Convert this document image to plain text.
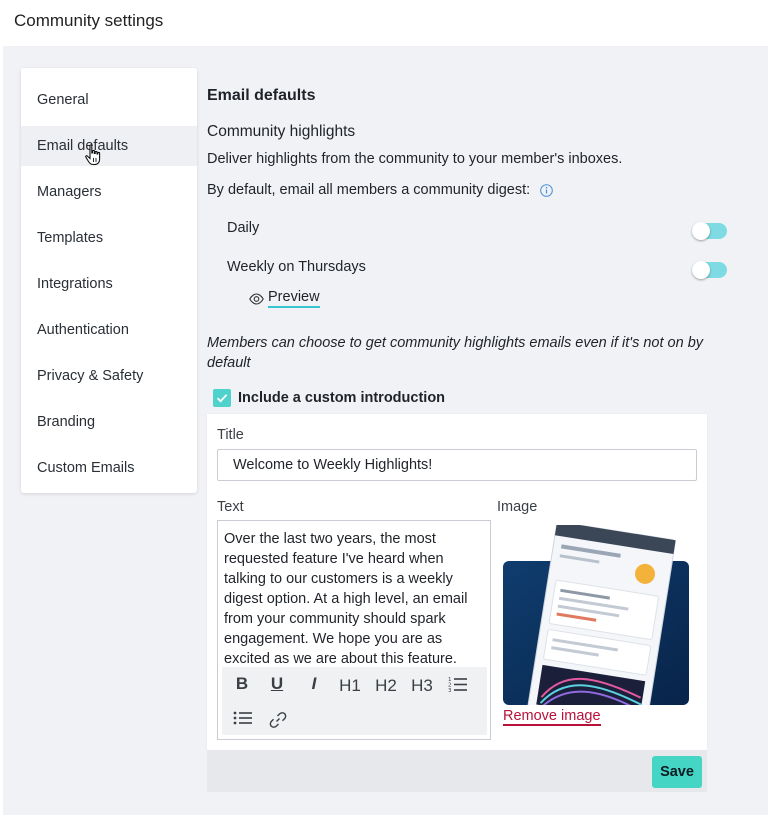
Community settings
General
Email defaults
Managers
Templates
Integrations
Authentication
Privacy & Safety
Branding
Custom Emails
Email defaults
Community highlights
Deliver highlights from the community to your member's inboxes.
By default, email all members a community digest:
Daily
Weekly on Thursdays
Preview
Members can choose to get community highlights emails even if it's not on by default
Include a custom introduction
Title
Welcome to Weekly Highlights!
Text	Image
Over the last two years, the most requested feature I've heard when talking to our customers is a weekly digest option. At a high level, an email from your community should spark engagement. We hope you are as excited as we are about this feature.
B U	I	H1 H2 H3	1
2
3
Remove image
Save
